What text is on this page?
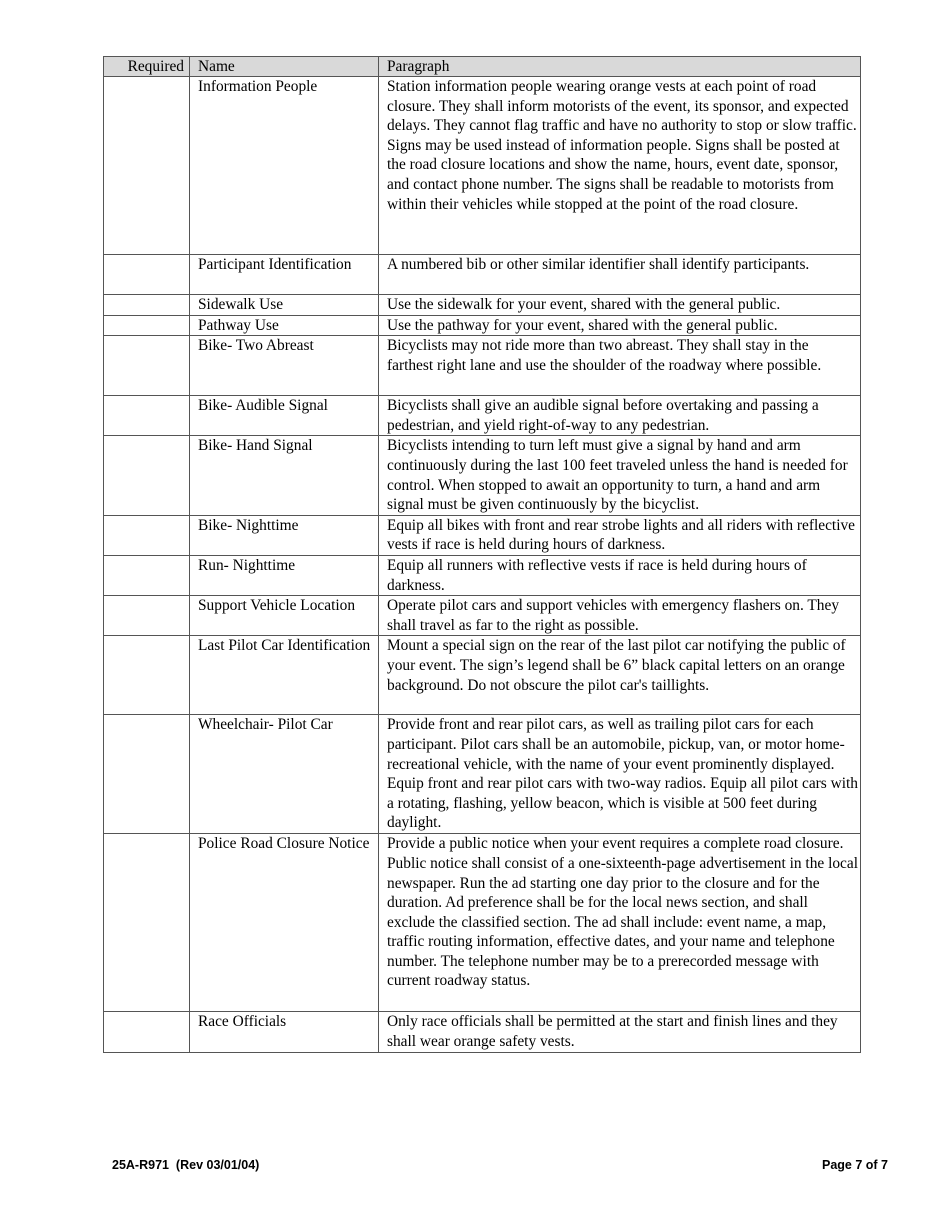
Required	Name	Paragraph
	Information People	Station information people wearing orange vests at each point of road closure. They shall inform motorists of the event, its sponsor, and expected delays. They cannot flag traffic and have no authority to stop or slow traffic. Signs may be used instead of information people. Signs shall be posted at the road closure locations and show the name, hours, event date, sponsor, and contact phone number. The signs shall be readable to motorists from within their vehicles while stopped at the point of the road closure.
	Participant Identification	A numbered bib or other similar identifier shall identify participants.
	Sidewalk Use	Use the sidewalk for your event, shared with the general public.
	Pathway Use	Use the pathway for your event, shared with the general public.
	Bike- Two Abreast	Bicyclists may not ride more than two abreast. They shall stay in the farthest right lane and use the shoulder of the roadway where possible.
	Bike- Audible Signal	Bicyclists shall give an audible signal before overtaking and passing a pedestrian, and yield right-of-way to any pedestrian.
	Bike- Hand Signal	Bicyclists intending to turn left must give a signal by hand and arm continuously during the last 100 feet traveled unless the hand is needed for control. When stopped to await an opportunity to turn, a hand and arm signal must be given continuously by the bicyclist.
	Bike- Nighttime	Equip all bikes with front and rear strobe lights and all riders with reflective vests if race is held during hours of darkness.
	Run- Nighttime	Equip all runners with reflective vests if race is held during hours of darkness.
	Support Vehicle Location	Operate pilot cars and support vehicles with emergency flashers on. They shall travel as far to the right as possible.
	Last Pilot Car Identification	Mount a special sign on the rear of the last pilot car notifying the public of your event. The sign’s legend shall be 6” black capital letters on an orange background. Do not obscure the pilot car's taillights.
	Wheelchair- Pilot Car	Provide front and rear pilot cars, as well as trailing pilot cars for each participant. Pilot cars shall be an automobile, pickup, van, or motor home-recreational vehicle, with the name of your event prominently displayed. Equip front and rear pilot cars with two-way radios. Equip all pilot cars with a rotating, flashing, yellow beacon, which is visible at 500 feet during daylight.
	Police Road Closure Notice	Provide a public notice when your event requires a complete road closure. Public notice shall consist of a one-sixteenth-page advertisement in the local newspaper. Run the ad starting one day prior to the closure and for the duration. Ad preference shall be for the local news section, and shall exclude the classified section. The ad shall include: event name, a map, traffic routing information, effective dates, and your name and telephone number. The telephone number may be to a prerecorded message with current roadway status.
	Race Officials	Only race officials shall be permitted at the start and finish lines and they shall wear orange safety vests.
25A-R971  (Rev 03/01/04)	Page 7 of 7
